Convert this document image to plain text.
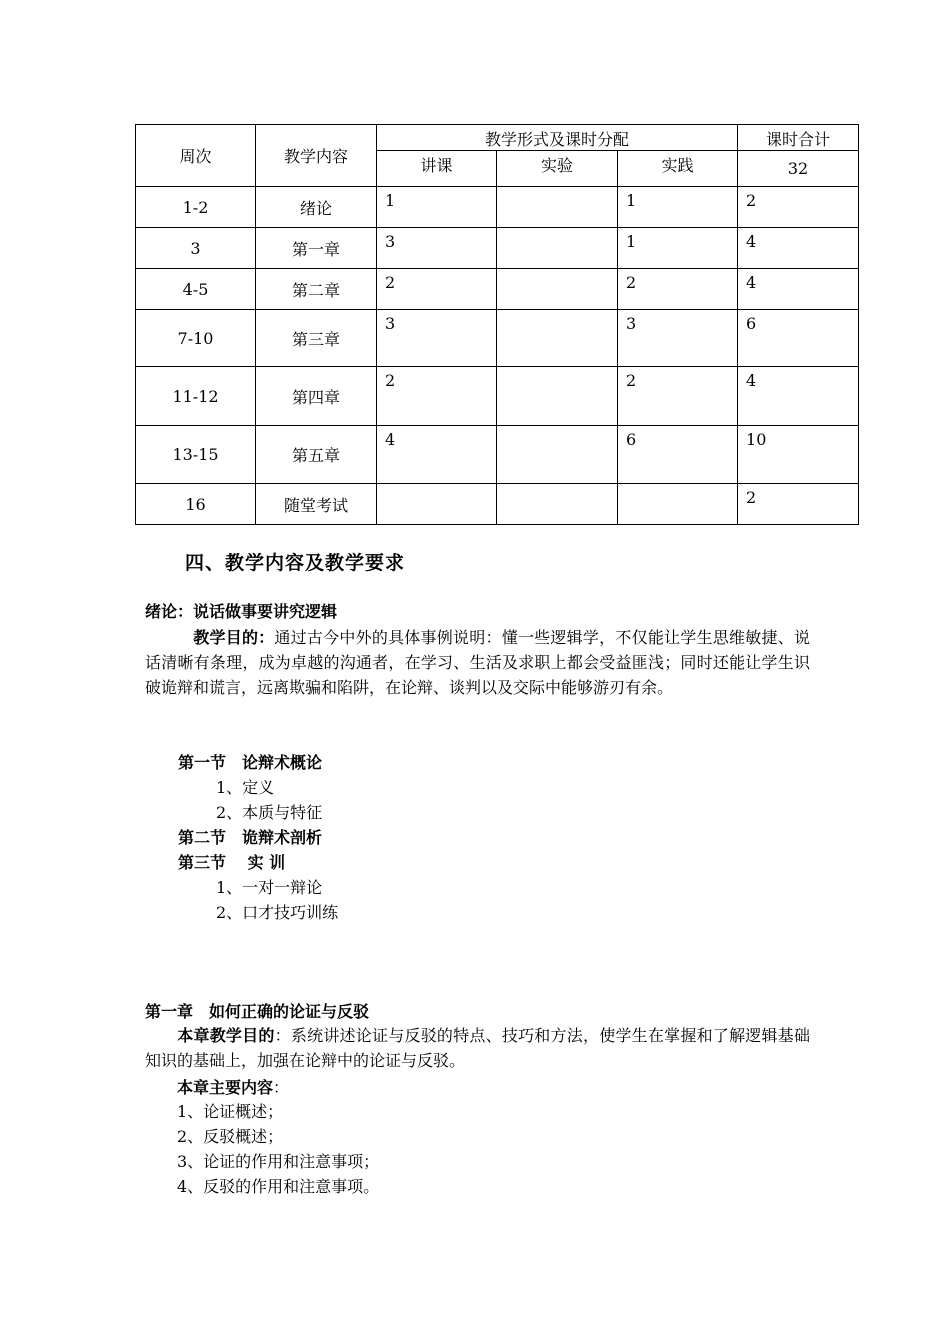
周次	教学内容	教学形式及课时分配			课时合计
		讲课	实验	实践	32
1-2	绪论	1		1	2
3	第一章	3		1	4
4-5	第二章	2		2	4
7-10	第三章	3		3	6
11-12	第四章	2		2	4
13-15	第五章	4		6	10
16	随堂考试				2
四、教学内容及教学要求
绪论：说话做事要讲究逻辑
教学目的：通过古今中外的具体事例说明：懂一些逻辑学，不仅能让学生思维敏捷、说话清晰有条理，成为卓越的沟通者，在学习、生活及求职上都会受益匪浅；同时还能让学生识破诡辩和谎言，远离欺骗和陷阱，在论辩、谈判以及交际中能够游刃有余。
第一节　论辩术概论
1、定义
2、本质与特征
第二节　诡辩术剖析
第三节　 实 训
1、一对一辩论
2、口才技巧训练
第一章　如何正确的论证与反驳
本章教学目的：系统讲述论证与反驳的特点、技巧和方法，使学生在掌握和了解逻辑基础知识的基础上，加强在论辩中的论证与反驳。
本章主要内容：
1、论证概述；
2、反驳概述；
3、论证的作用和注意事项；
4、反驳的作用和注意事项。
